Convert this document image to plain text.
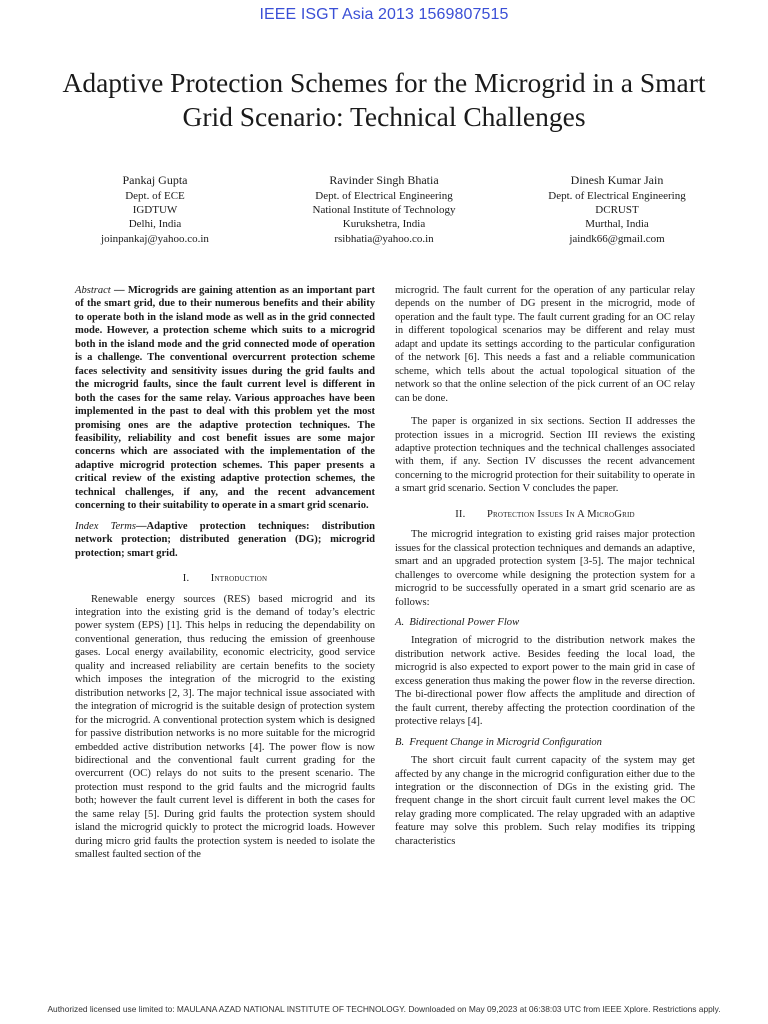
IEEE ISGT Asia 2013 1569807515
Adaptive Protection Schemes for the Microgrid in a Smart Grid Scenario: Technical Challenges
Pankaj Gupta
Dept. of ECE
IGDTUW
Delhi, India
joinpankaj@yahoo.co.in
Ravinder Singh Bhatia
Dept. of Electrical Engineering
National Institute of Technology
Kurukshetra, India
rsibhatia@yahoo.co.in
Dinesh Kumar Jain
Dept. of Electrical Engineering
DCRUST
Murthal, India
jaindk66@gmail.com

Abstract — Microgrids are gaining attention as an important part of the smart grid, due to their numerous benefits and their ability to operate both in the island mode as well as in the grid connected mode. However, a protection scheme which suits to a microgrid both in the island mode and the grid connected mode of operation is a challenge. The conventional overcurrent protection scheme faces selectivity and sensitivity issues during the grid faults and the microgrid faults, since the fault current level is different in both the cases for the same relay. Various approaches have been implemented in the past to deal with this problem yet the most promising ones are the adaptive protection techniques. The feasibility, reliability and cost benefit issues are some major concerns which are associated with the implementation of the adaptive microgrid protection schemes. This paper presents a critical review of the existing adaptive protection schemes, the technical challenges, if any, and the recent advancement concerning to their suitability to operate in a smart grid scenario.

Index Terms—Adaptive protection techniques: distribution network protection; distributed generation (DG); microgrid protection; smart grid.

I.  Introduction

Renewable energy sources (RES) based microgrid and its integration into the existing grid is the demand of today’s electric power system (EPS) [1]. This helps in reducing the dependability on conventional generation, thus reducing the emission of greenhouse gases. Local energy availability, economic electricity, good service quality and increased reliability are certain benefits to the society which imposes the integration of the microgrid to the existing distribution networks [2, 3]. The major technical issue associated with the integration of microgrid is the suitable design of protection system for the microgrid. A conventional protection system which is designed for passive distribution networks is no more suitable for the microgrid embedded active distribution networks [4]. The power flow is now bidirectional and the conventional fault current grading for the overcurrent (OC) relays do not suits to the present scenario. The protection must respond to the grid faults and the microgrid faults both; however the fault current level is different in both the cases for the same relay [5]. During grid faults the protection system should island the microgrid quickly to protect the microgrid loads. However during micro grid faults the protection system is needed to isolate the smallest faulted section of the

microgrid. The fault current for the operation of any particular relay depends on the number of DG present in the microgrid, mode of operation and the fault type. The fault current grading for an OC relay in different topological scenarios may be different and relay must adapt and update its settings according to the particular configuration of the network [6]. This needs a fast and a reliable communication scheme, which tells about the actual topological situation of the network so that the online selection of the pick current of an OC relay can be done.

The paper is organized in six sections. Section II addresses the protection issues in a microgrid. Section III reviews the existing adaptive protection techniques and the technical challenges associated with them, if any. Section IV discusses the recent advancement concerning to the microgrid protection for their suitability to operate in a smart grid scenario. Section V concludes the paper.

II.  Protection Issues In A MicroGrid

The microgrid integration to existing grid raises major protection issues for the classical protection techniques and demands an adaptive, smart and an upgraded protection system [3-5]. The major technical challenges to overcome while designing the protection system for a microgrid to be successfully operated in a smart grid scenario are as follows:

A. Bidirectional Power Flow

Integration of microgrid to the distribution network makes the distribution network active. Besides feeding the local load, the microgrid is also expected to export power to the main grid in case of excess generation thus making the power flow in the reverse direction. The bi-directional power flow affects the amplitude and direction of the fault current, thereby affecting the protection coordination of the protective relays [4].

B. Frequent Change in Microgrid Configuration

The short circuit fault current capacity of the system may get affected by any change in the microgrid configuration either due to the integration or the disconnection of DGs in the existing grid. The frequent change in the short circuit fault current level makes the OC relay grading more complicated. The relay upgraded with an adaptive feature may solve this problem. Such relay modifies its tripping characteristics

Authorized licensed use limited to: MAULANA AZAD NATIONAL INSTITUTE OF TECHNOLOGY. Downloaded on May 09,2023 at 06:38:03 UTC from IEEE Xplore. Restrictions apply.
